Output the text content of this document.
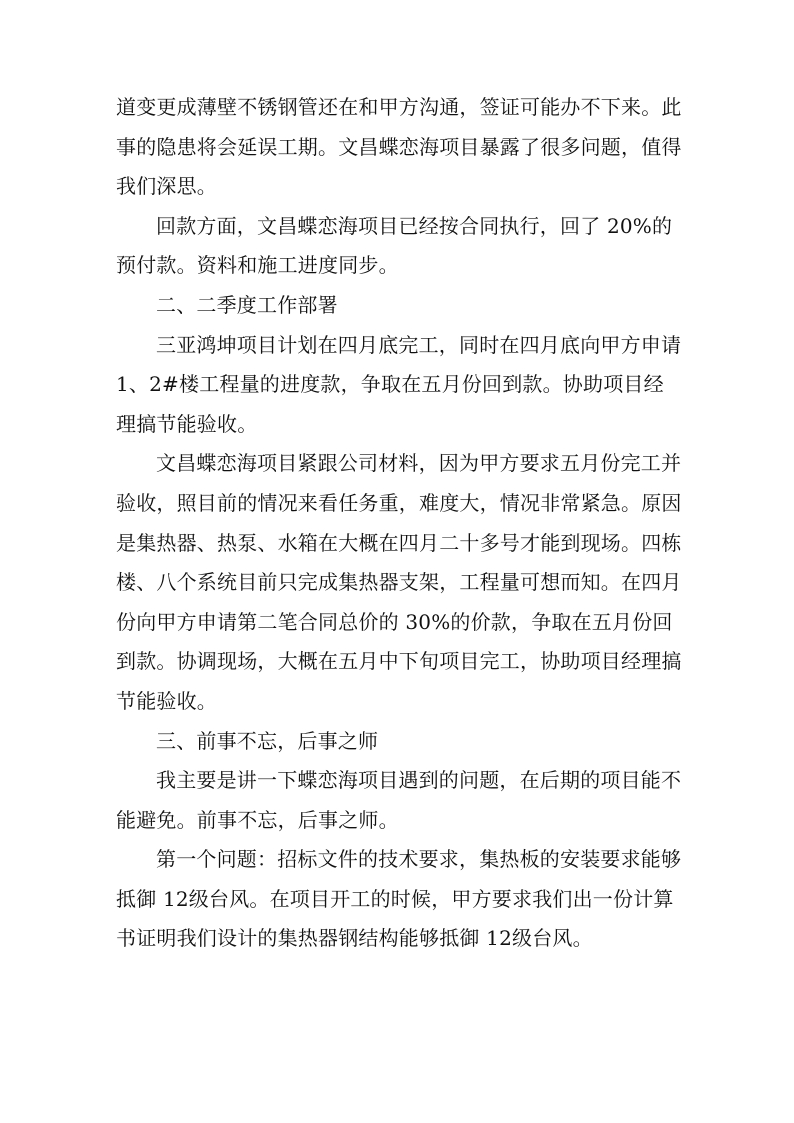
道变更成薄壁不锈钢管还在和甲方沟通，签证可能办不下来。此事的隐患将会延误工期。文昌蝶恋海项目暴露了很多问题，值得我们深思。

回款方面，文昌蝶恋海项目已经按合同执行，回了 20%的预付款。资料和施工进度同步。

二、二季度工作部署

三亚鸿坤项目计划在四月底完工，同时在四月底向甲方申请 1、2#楼工程量的进度款，争取在五月份回到款。协助项目经理搞节能验收。

文昌蝶恋海项目紧跟公司材料，因为甲方要求五月份完工并验收，照目前的情况来看任务重，难度大，情况非常紧急。原因是集热器、热泵、水箱在大概在四月二十多号才能到现场。四栋楼、八个系统目前只完成集热器支架，工程量可想而知。在四月份向甲方申请第二笔合同总价的 30%的价款，争取在五月份回到款。协调现场，大概在五月中下旬项目完工，协助项目经理搞节能验收。

三、前事不忘，后事之师

我主要是讲一下蝶恋海项目遇到的问题，在后期的项目能不能避免。前事不忘，后事之师。

第一个问题：招标文件的技术要求，集热板的安装要求能够抵御 12级台风。在项目开工的时候，甲方要求我们出一份计算书证明我们设计的集热器钢结构能够抵御 12级台风。
